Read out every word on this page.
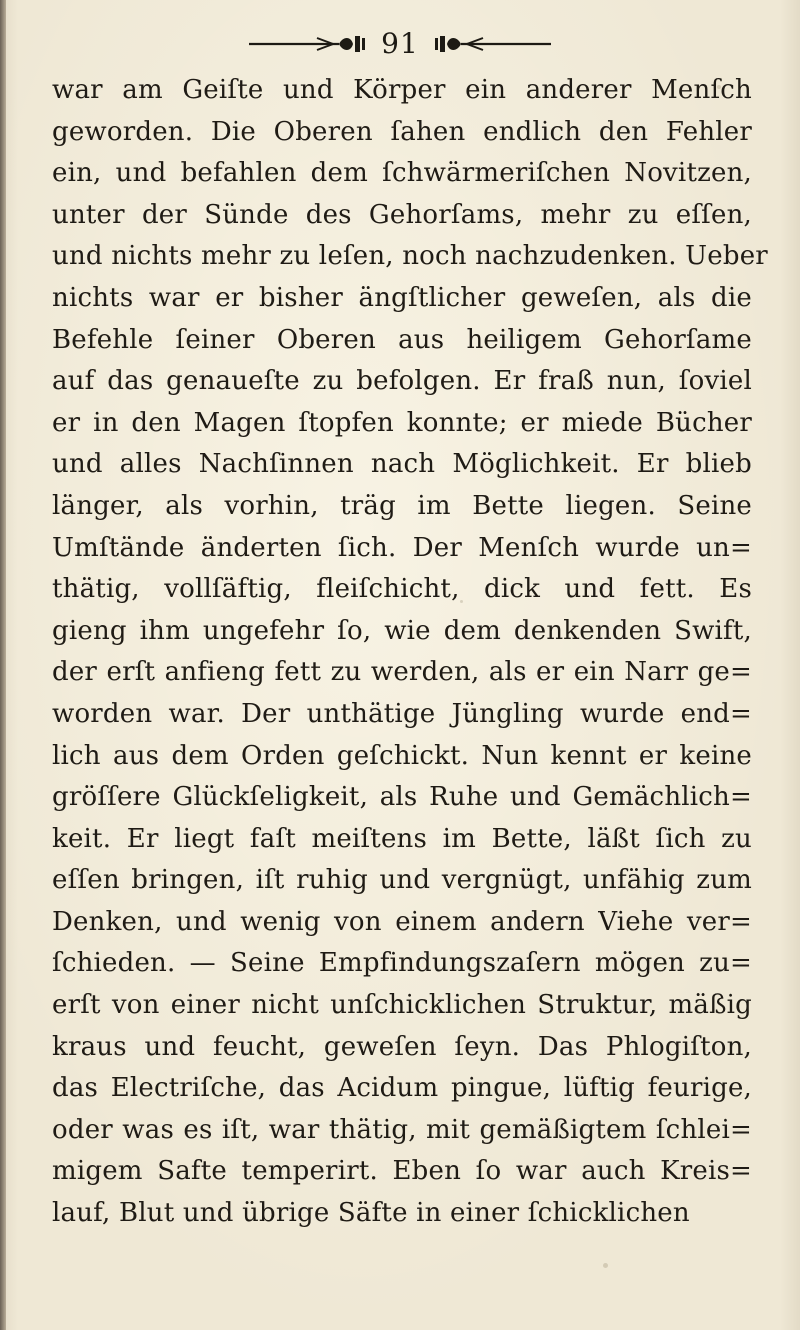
91
war am Geiſte und Körper ein anderer Menſch
geworden. Die Oberen ſahen endlich den Fehler
ein, und befahlen dem ſchwärmeriſchen Novitzen,
unter der Sünde des Gehorſams, mehr zu eſſen,
und nichts mehr zu leſen, noch nachzudenken. Ueber
nichts war er bisher ängſtlicher geweſen, als die
Befehle ſeiner Oberen aus heiligem Gehorſame
auf das genaueſte zu befolgen. Er fraß nun, ſoviel
er in den Magen ſtopfen konnte; er miede Bücher
und alles Nachſinnen nach Möglichkeit. Er blieb
länger, als vorhin, träg im Bette liegen. Seine
Umſtände änderten ſich. Der Menſch wurde un=
thätig, vollſäftig, fleiſchicht, dick und fett. Es
gieng ihm ungefehr ſo, wie dem denkenden Swift,
der erſt anfieng fett zu werden, als er ein Narr ge=
worden war. Der unthätige Jüngling wurde end=
lich aus dem Orden geſchickt. Nun kennt er keine
gröſſere Glückſeligkeit, als Ruhe und Gemächlich=
keit. Er liegt faſt meiſtens im Bette, läßt ſich zu
eſſen bringen, iſt ruhig und vergnügt, unfähig zum
Denken, und wenig von einem andern Viehe ver=
ſchieden. — Seine Empfindungszaſern mögen zu=
erſt von einer nicht unſchicklichen Struktur, mäßig
kraus und feucht, geweſen ſeyn. Das Phlogiſton,
das Electriſche, das Acidum pingue, lüftig feurige,
oder was es iſt, war thätig, mit gemäßigtem ſchlei=
migem Safte temperirt. Eben ſo war auch Kreis=
lauf, Blut und übrige Säfte in einer ſchicklichen
